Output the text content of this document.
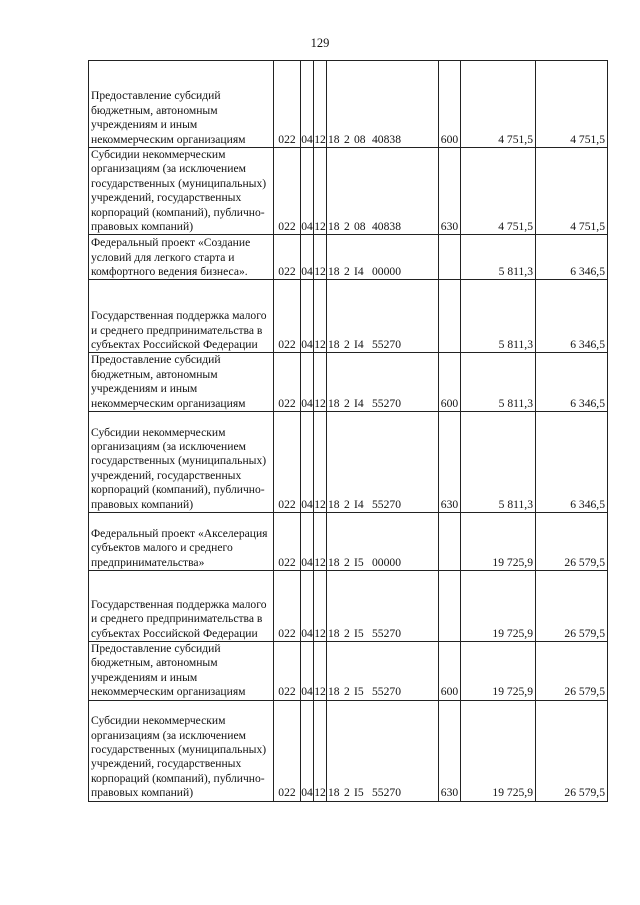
129
Предоставление субсидий бюджетным, автономным учреждениям и иным некоммерческим организациям	022	04	12	18 2 08 40838	600	4 751,5	4 751,5
Субсидии некоммерческим организациям (за исключением государственных (муниципальных) учреждений, государственных корпораций (компаний), публично-правовых компаний)	022	04	12	18 2 08 40838	630	4 751,5	4 751,5
Федеральный проект «Создание условий для легкого старта и комфортного ведения бизнеса».	022	04	12	18 2 I4 00000		5 811,3	6 346,5
Государственная поддержка малого и среднего предпринимательства в субъектах Российской Федерации	022	04	12	18 2 I4 55270		5 811,3	6 346,5
Предоставление субсидий бюджетным, автономным учреждениям и иным некоммерческим организациям	022	04	12	18 2 I4 55270	600	5 811,3	6 346,5
Субсидии некоммерческим организациям (за исключением государственных (муниципальных) учреждений, государственных корпораций (компаний), публично-правовых компаний)	022	04	12	18 2 I4 55270	630	5 811,3	6 346,5
Федеральный проект «Акселерация субъектов малого и среднего предпринимательства»	022	04	12	18 2 I5 00000		19 725,9	26 579,5
Государственная поддержка малого и среднего предпринимательства в субъектах Российской Федерации	022	04	12	18 2 I5 55270		19 725,9	26 579,5
Предоставление субсидий бюджетным, автономным учреждениям и иным некоммерческим организациям	022	04	12	18 2 I5 55270	600	19 725,9	26 579,5
Субсидии некоммерческим организациям (за исключением государственных (муниципальных) учреждений, государственных корпораций (компаний), публично-правовых компаний)	022	04	12	18 2 I5 55270	630	19 725,9	26 579,5
